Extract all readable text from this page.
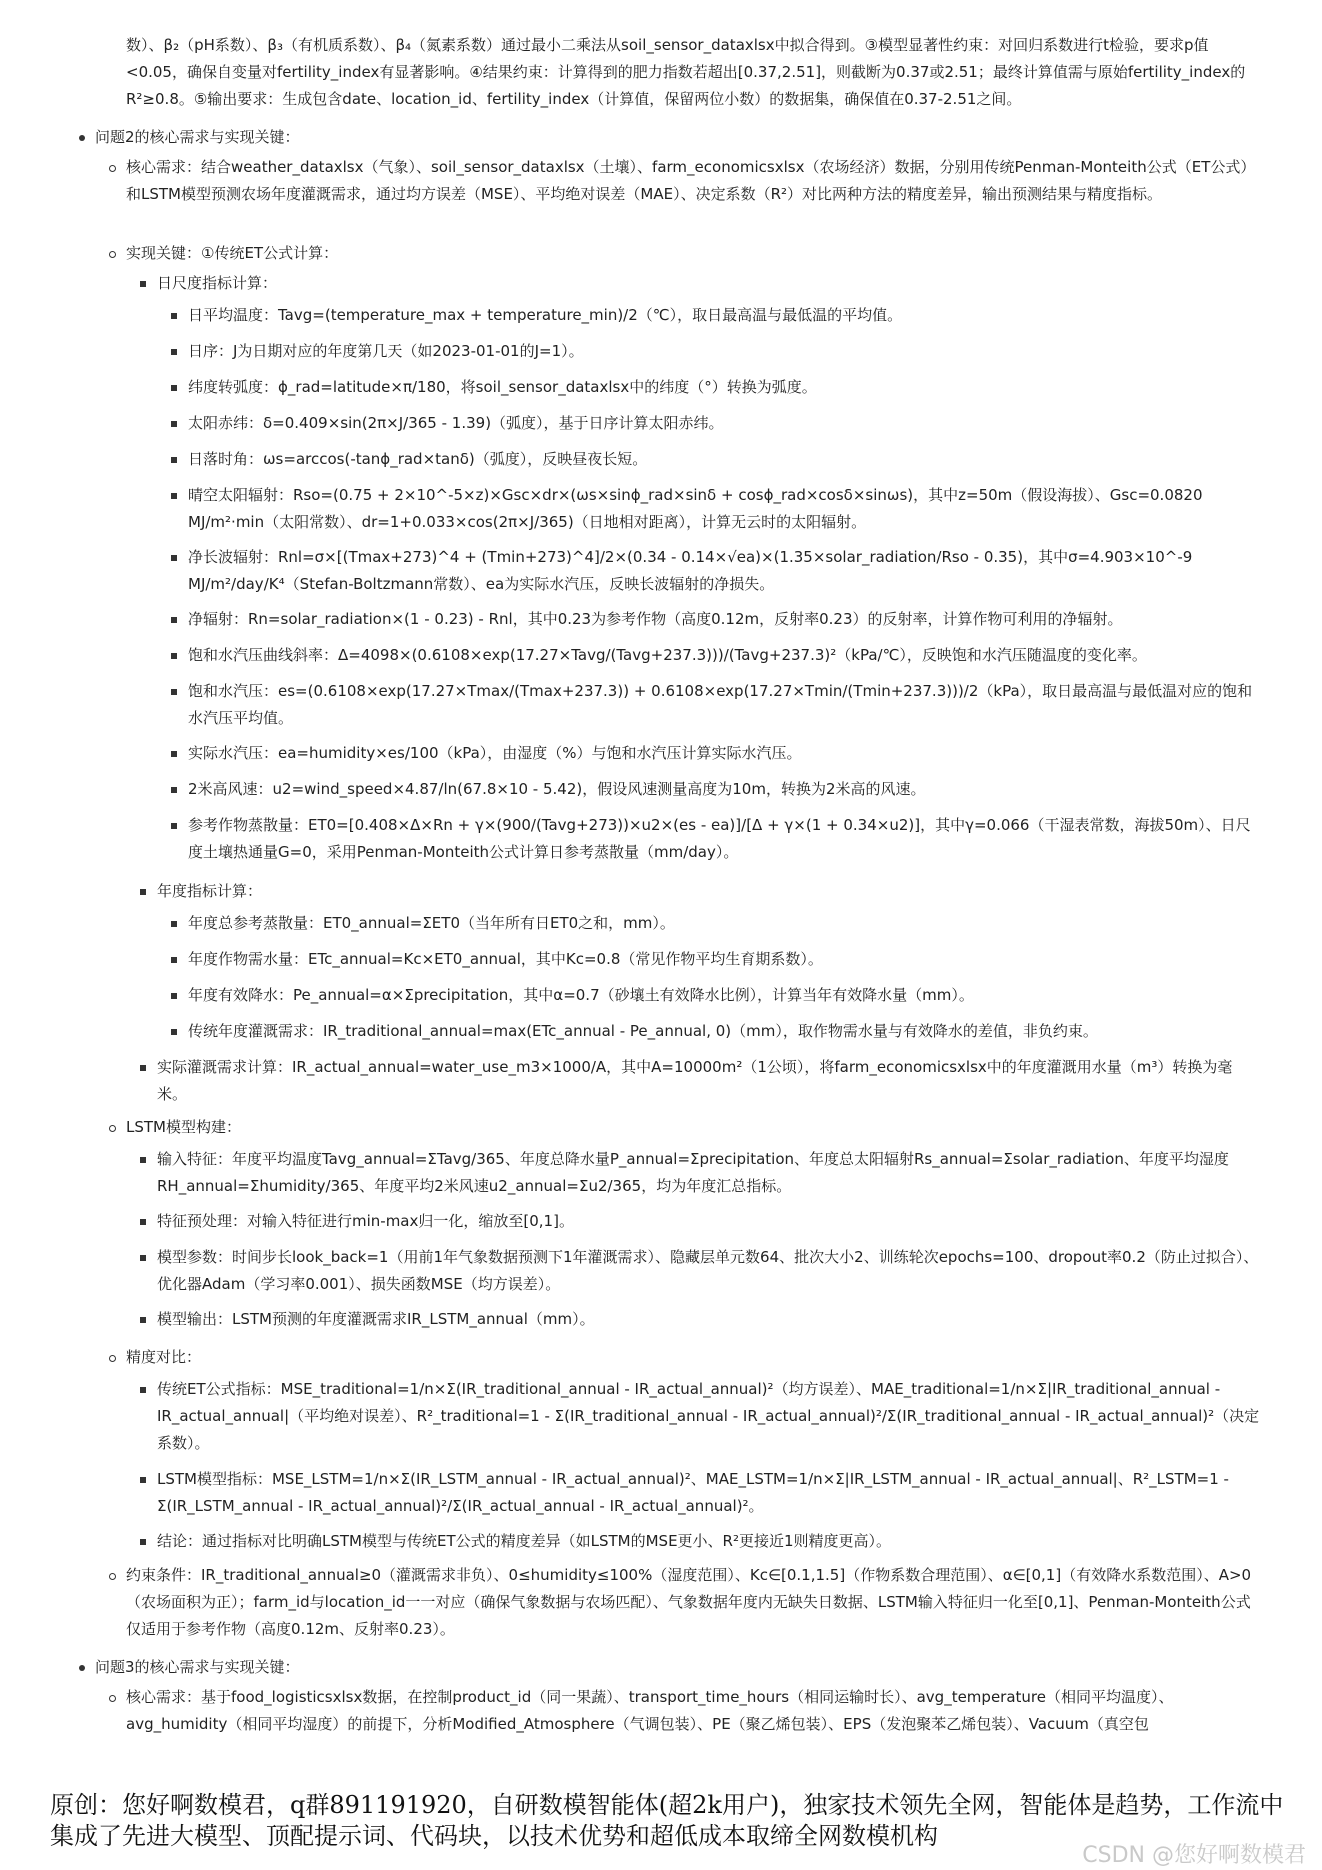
数）、β₂（pH系数）、β₃（有机质系数）、β₄（氮素系数）通过最小二乘法从soil_sensor_dataxlsx中拟合得到。③模型显著性约束：对回归系数进行t检验，要求p值<0.05，确保自变量对fertility_index有显著影响。④结果约束：计算得到的肥力指数若超出[0.37,2.51]，则截断为0.37或2.51；最终计算值需与原始fertility_index的R²≥0.8。⑤输出要求：生成包含date、location_id、fertility_index（计算值，保留两位小数）的数据集，确保值在0.37-2.51之间。

问题2的核心需求与实现关键：

核心需求：结合weather_dataxlsx（气象）、soil_sensor_dataxlsx（土壤）、farm_economicsxlsx（农场经济）数据，分别用传统Penman-Monteith公式（ET公式）和LSTM模型预测农场年度灌溉需求，通过均方误差（MSE）、平均绝对误差（MAE）、决定系数（R²）对比两种方法的精度差异，输出预测结果与精度指标。

实现关键：①传统ET公式计算：

日尺度指标计算：

日平均温度：Tavg=(temperature_max + temperature_min)/2（℃），取日最高温与最低温的平均值。

日序：J为日期对应的年度第几天（如2023-01-01的J=1）。

纬度转弧度：ϕ_rad=latitude×π/180，将soil_sensor_dataxlsx中的纬度（°）转换为弧度。

太阳赤纬：δ=0.409×sin(2π×J/365 - 1.39)（弧度），基于日序计算太阳赤纬。

日落时角：ωs=arccos(-tanϕ_rad×tanδ)（弧度），反映昼夜长短。

晴空太阳辐射：Rso=(0.75 + 2×10^-5×z)×Gsc×dr×(ωs×sinϕ_rad×sinδ + cosϕ_rad×cosδ×sinωs)，其中z=50m（假设海拔）、Gsc=0.0820 MJ/m²·min（太阳常数）、dr=1+0.033×cos(2π×J/365)（日地相对距离），计算无云时的太阳辐射。

净长波辐射：Rnl=σ×[(Tmax+273)^4 + (Tmin+273)^4]/2×(0.34 - 0.14×√ea)×(1.35×solar_radiation/Rso - 0.35)，其中σ=4.903×10^-9 MJ/m²/day/K⁴（Stefan-Boltzmann常数）、ea为实际水汽压，反映长波辐射的净损失。

净辐射：Rn=solar_radiation×(1 - 0.23) - Rnl，其中0.23为参考作物（高度0.12m，反射率0.23）的反射率，计算作物可利用的净辐射。

饱和水汽压曲线斜率：Δ=4098×(0.6108×exp(17.27×Tavg/(Tavg+237.3)))/(Tavg+237.3)²（kPa/℃），反映饱和水汽压随温度的变化率。

饱和水汽压：es=(0.6108×exp(17.27×Tmax/(Tmax+237.3)) + 0.6108×exp(17.27×Tmin/(Tmin+237.3)))/2（kPa），取日最高温与最低温对应的饱和水汽压平均值。

实际水汽压：ea=humidity×es/100（kPa），由湿度（%）与饱和水汽压计算实际水汽压。

2米高风速：u2=wind_speed×4.87/ln(67.8×10 - 5.42)，假设风速测量高度为10m，转换为2米高的风速。

参考作物蒸散量：ET0=[0.408×Δ×Rn + γ×(900/(Tavg+273))×u2×(es - ea)]/[Δ + γ×(1 + 0.34×u2)]，其中γ=0.066（干湿表常数，海拔50m）、日尺度土壤热通量G=0，采用Penman-Monteith公式计算日参考蒸散量（mm/day）。

年度指标计算：

年度总参考蒸散量：ET0_annual=ΣET0（当年所有日ET0之和，mm）。

年度作物需水量：ETc_annual=Kc×ET0_annual，其中Kc=0.8（常见作物平均生育期系数）。

年度有效降水：Pe_annual=α×Σprecipitation，其中α=0.7（砂壤土有效降水比例），计算当年有效降水量（mm）。

传统年度灌溉需求：IR_traditional_annual=max(ETc_annual - Pe_annual, 0)（mm），取作物需水量与有效降水的差值，非负约束。

实际灌溉需求计算：IR_actual_annual=water_use_m3×1000/A，其中A=10000m²（1公顷），将farm_economicsxlsx中的年度灌溉用水量（m³）转换为毫米。

LSTM模型构建：

输入特征：年度平均温度Tavg_annual=ΣTavg/365、年度总降水量P_annual=Σprecipitation、年度总太阳辐射Rs_annual=Σsolar_radiation、年度平均湿度RH_annual=Σhumidity/365、年度平均2米风速u2_annual=Σu2/365，均为年度汇总指标。

特征预处理：对输入特征进行min-max归一化，缩放至[0,1]。

模型参数：时间步长look_back=1（用前1年气象数据预测下1年灌溉需求）、隐藏层单元数64、批次大小2、训练轮次epochs=100、dropout率0.2（防止过拟合）、优化器Adam（学习率0.001）、损失函数MSE（均方误差）。

模型输出：LSTM预测的年度灌溉需求IR_LSTM_annual（mm）。

精度对比：

传统ET公式指标：MSE_traditional=1/n×Σ(IR_traditional_annual - IR_actual_annual)²（均方误差）、MAE_traditional=1/n×Σ|IR_traditional_annual - IR_actual_annual|（平均绝对误差）、R²_traditional=1 - Σ(IR_traditional_annual - IR_actual_annual)²/Σ(IR_traditional_annual - IR_actual_annual)²（决定系数）。

LSTM模型指标：MSE_LSTM=1/n×Σ(IR_LSTM_annual - IR_actual_annual)²、MAE_LSTM=1/n×Σ|IR_LSTM_annual - IR_actual_annual|、R²_LSTM=1 - Σ(IR_LSTM_annual - IR_actual_annual)²/Σ(IR_actual_annual - IR_actual_annual)²。

结论：通过指标对比明确LSTM模型与传统ET公式的精度差异（如LSTM的MSE更小、R²更接近1则精度更高）。

约束条件：IR_traditional_annual≥0（灌溉需求非负）、0≤humidity≤100%（湿度范围）、Kc∈[0.1,1.5]（作物系数合理范围）、α∈[0,1]（有效降水系数范围）、A>0（农场面积为正）；farm_id与location_id一一对应（确保气象数据与农场匹配）、气象数据年度内无缺失日数据、LSTM输入特征归一化至[0,1]、Penman-Monteith公式仅适用于参考作物（高度0.12m、反射率0.23）。

问题3的核心需求与实现关键：

核心需求：基于food_logisticsxlsx数据，在控制product_id（同一果蔬）、transport_time_hours（相同运输时长）、avg_temperature（相同平均温度）、avg_humidity（相同平均湿度）的前提下，分析Modified_Atmosphere（气调包装）、PE（聚乙烯包装）、EPS（发泡聚苯乙烯包装）、Vacuum（真空包

原创：您好啊数模君，q群891191920，自研数模智能体(超2k用户)，独家技术领先全网，智能体是趋势，工作流中集成了先进大模型、顶配提示词、代码块，以技术优势和超低成本取缔全网数模机构

CSDN @您好啊数模君
